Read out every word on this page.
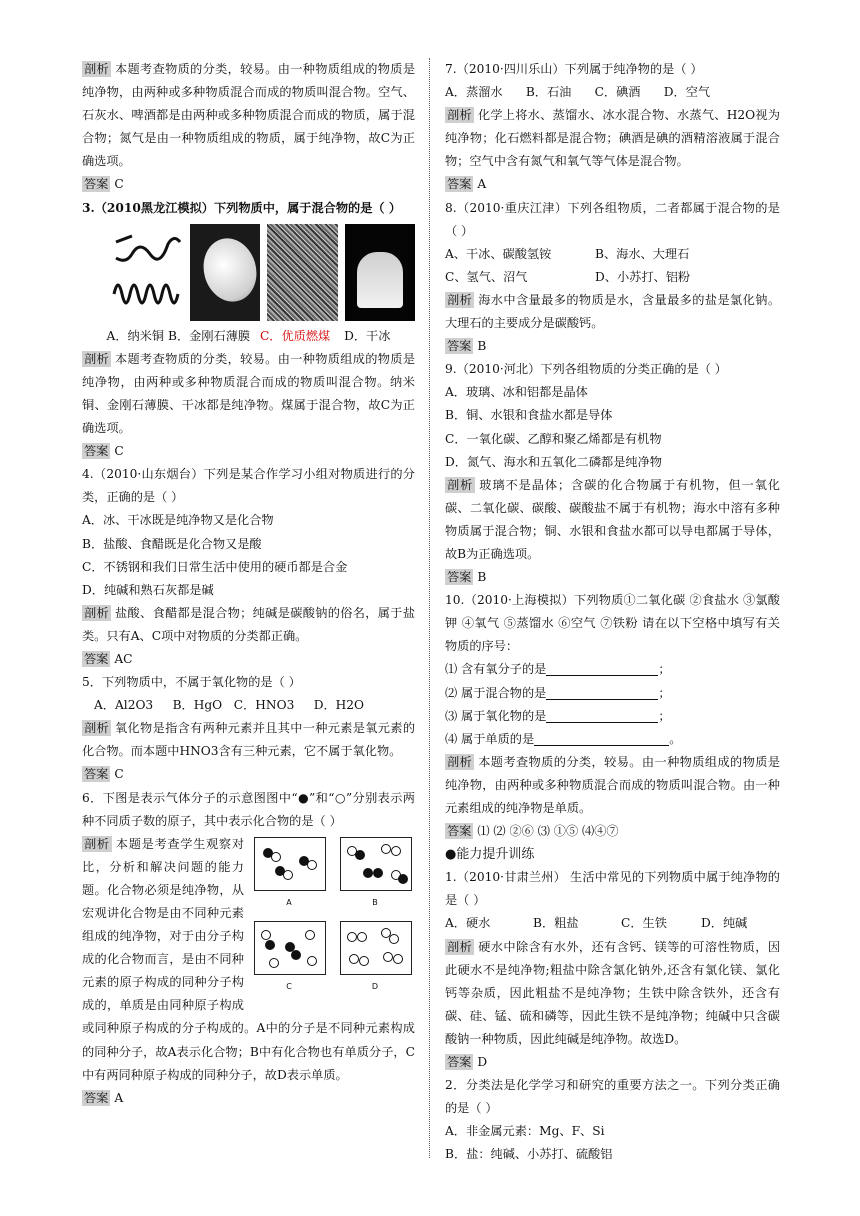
剖析 本题考查物质的分类，较易。由一种物质组成的物质是纯净物，由两种或多种物质混合而成的物质叫混合物。空气、石灰水、啤酒都是由两种或多种物质混合而成的物质，属于混合物；氮气是由一种物质组成的物质，属于纯净物，故C为正确选项。

答案 C

3.（2010黑龙江模拟）下列物质中，属于混合物的是（ ）

A．纳米铜 B．金刚石薄膜 C．优质燃煤 D．干冰

剖析 本题考查物质的分类，较易。由一种物质组成的物质是纯净物，由两种或多种物质混合而成的物质叫混合物。纳米铜、金刚石薄膜、干冰都是纯净物。煤属于混合物，故C为正确选项。

答案 C

4.（2010·山东烟台）下列是某合作学习小组对物质进行的分类，正确的是（ ）

A．冰、干冰既是纯净物又是化合物

B．盐酸、食醋既是化合物又是酸

C．不锈钢和我们日常生活中使用的硬币都是合金

D．纯碱和熟石灰都是碱

剖析 盐酸、食醋都是混合物；纯碱是碳酸钠的俗名，属于盐类。只有A、C项中对物质的分类都正确。

答案 AC

5．下列物质中，不属于氧化物的是（ ）

A．Al2O3 B．HgO C．HNO3 D．H2O

剖析 氧化物是指含有两种元素并且其中一种元素是氧元素的化合物。而本题中HNO3含有三种元素，它不属于氧化物。

答案 C

6．下图是表示气体分子的示意图图中“●”和“○”分别表示两种不同质子数的原子，其中表示化合物的是（ ）

A	B
C	D

剖析 本题是考查学生观察对比，分析和解决问题的能力题。化合物必须是纯净物，从宏观讲化合物是由不同种元素组成的纯净物，对于由分子构成的化合物而言，是由不同种元素的原子构成的同种分子构成的，单质是由同种原子构成或同种原子构成的分子构成的。A中的分子是不同种元素构成的同种分子，故A表示化合物；B中有化合物也有单质分子，C中有两同种原子构成的同种分子，故D表示单质。

答案 A

7.（2010·四川乐山）下列属于纯净物的是（ ）

A．蒸溜水 B．石油 C．碘酒 D．空气

剖析 化学上将水、蒸馏水、冰水混合物、水蒸气、H2O视为纯净物；化石燃料都是混合物；碘酒是碘的酒精溶液属于混合物；空气中含有氮气和氧气等气体是混合物。

答案 A

8.（2010·重庆江津）下列各组物质，二者都属于混合物的是（ ）

A、干冰、碳酸氢铵	B、海水、大理石

C、氢气、沼气	D、小苏打、铝粉

剖析 海水中含量最多的物质是水，含量最多的盐是氯化钠。大理石的主要成分是碳酸钙。

答案 B

9.（2010·河北）下列各组物质的分类正确的是（ ）

A．玻璃、冰和铝都是晶体

B．铜、水银和食盐水都是导体

C．一氧化碳、乙醇和聚乙烯都是有机物

D．氮气、海水和五氧化二磷都是纯净物

剖析 玻璃不是晶体；含碳的化合物属于有机物，但一氧化碳、二氧化碳、碳酸、碳酸盐不属于有机物；海水中溶有多种物质属于混合物；铜、水银和食盐水都可以导电都属于导体，故B为正确选项。

答案 B

10.（2010·上海模拟）下列物质①二氧化碳 ②食盐水 ③氯酸钾 ④氧气 ⑤蒸馏水 ⑥空气 ⑦铁粉 请在以下空格中填写有关物质的序号：

⑴ 含有氧分子的是	；

⑵ 属于混合物的是	；

⑶ 属于氧化物的是	；

⑷ 属于单质的是	。

剖析 本题考查物质的分类，较易。由一种物质组成的物质是纯净物，由两种或多种物质混合而成的物质叫混合物。由一种元素组成的纯净物是单质。

答案 ⑴ ⑵ ②⑥ ⑶ ①⑤ ⑷④⑦

●能力提升训练

1.（2010·甘肃兰州） 生活中常见的下列物质中属于纯净物的是（ ）

A．硬水	B．粗盐	C．生铁	D．纯碱

剖析 硬水中除含有水外，还有含钙、镁等的可溶性物质，因此硬水不是纯净物;粗盐中除含氯化钠外,还含有氯化镁、氯化钙等杂质，因此粗盐不是纯净物；生铁中除含铁外，还含有碳、硅、锰、硫和磷等，因此生铁不是纯净物；纯碱中只含碳酸钠一种物质，因此纯碱是纯净物。故选D。

答案 D

2．分类法是化学学习和研究的重要方法之一。下列分类正确的是（ ）

A．非金属元素：Mg、F、Si

B．盐：纯碱、小苏打、硫酸铝
